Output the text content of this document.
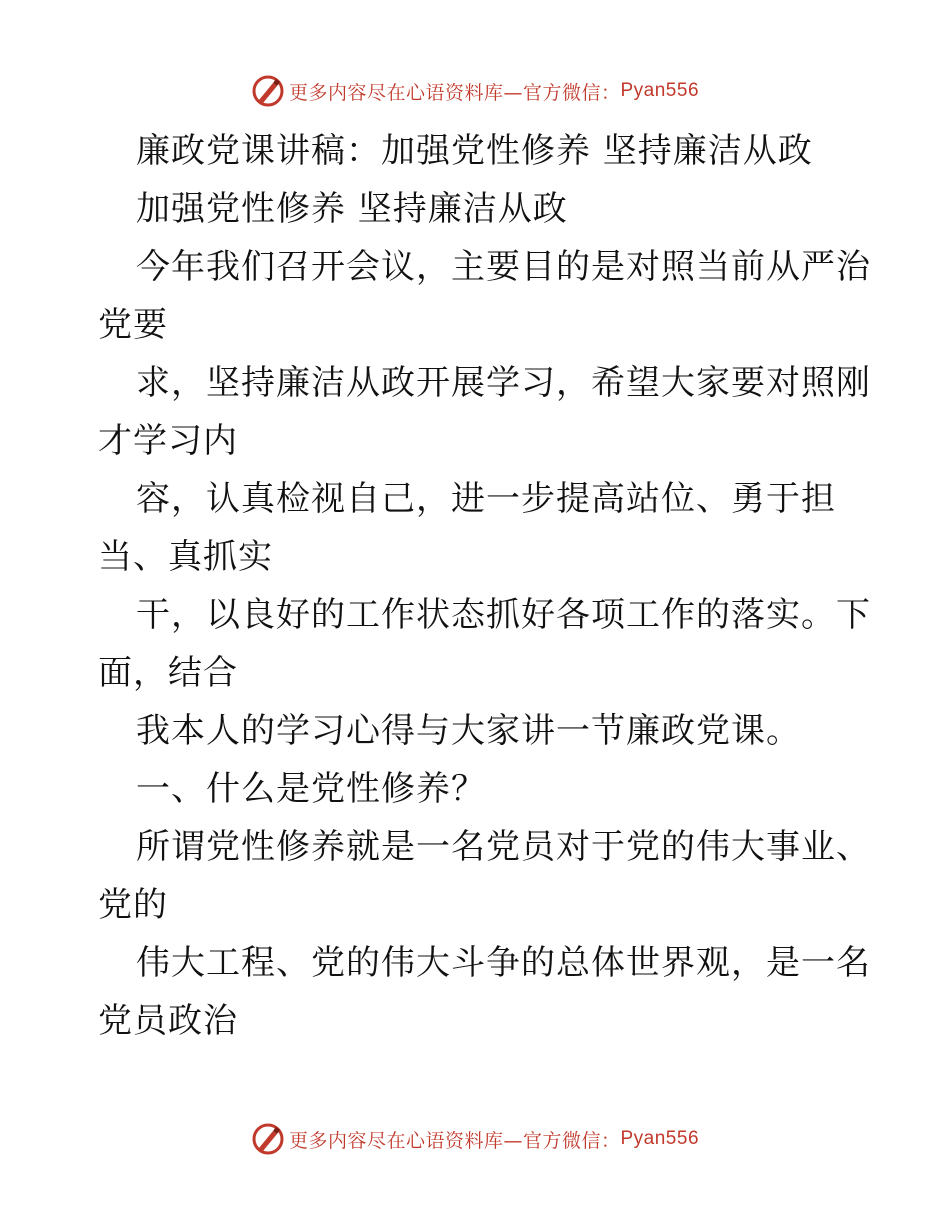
更多内容尽在心语资料库—官方微信： Pyan556
廉政党课讲稿：加强党性修养 坚持廉洁从政
加强党性修养 坚持廉洁从政
今年我们召开会议，主要目的是对照当前从严治
党要
求，坚持廉洁从政开展学习，希望大家要对照刚
才学习内
容，认真检视自己，进一步提高站位、勇于担
当、真抓实
干，以良好的工作状态抓好各项工作的落实。下
面，结合
我本人的学习心得与大家讲一节廉政党课。
一、什么是党性修养？
所谓党性修养就是一名党员对于党的伟大事业、
党的
伟大工程、党的伟大斗争的总体世界观，是一名
党员政治
更多内容尽在心语资料库—官方微信： Pyan556
